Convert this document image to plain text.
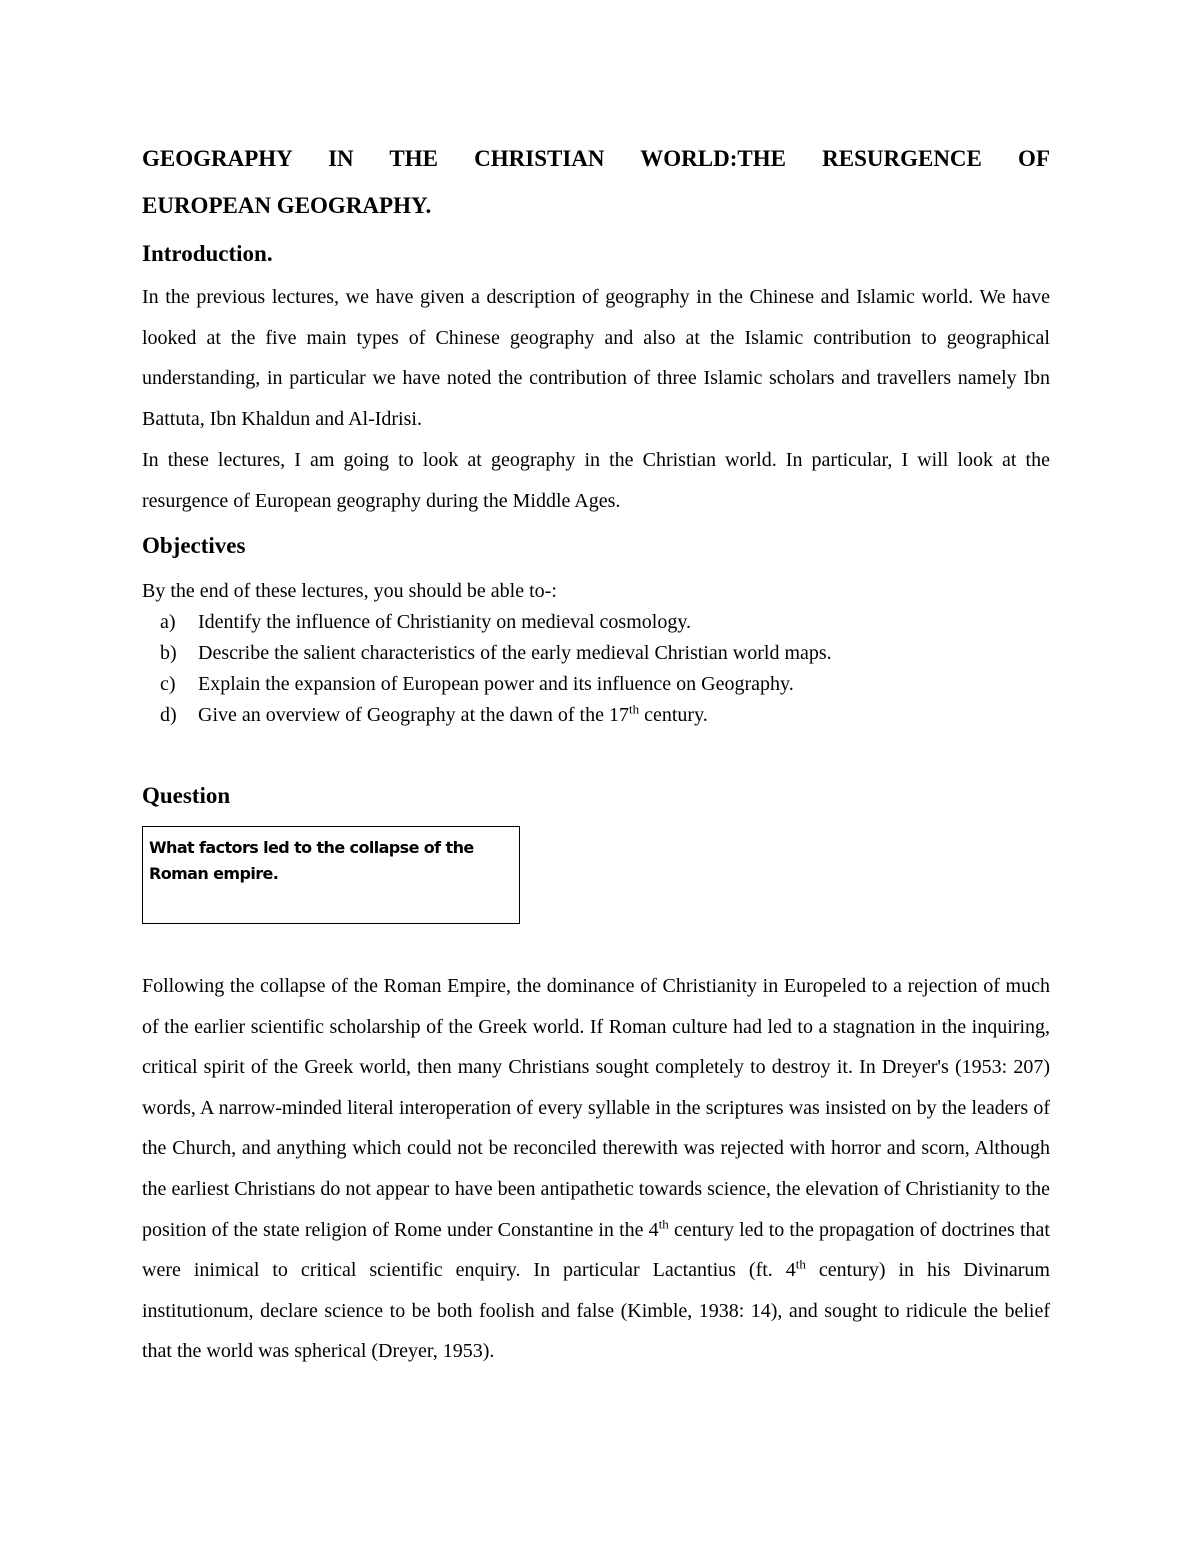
GEOGRAPHY IN THE CHRISTIAN WORLD:THE RESURGENCE OF
EUROPEAN GEOGRAPHY.
Introduction.

In the previous lectures, we have given a description of geography in the Chinese and Islamic world. We have looked at the five main types of Chinese geography and also at the Islamic contribution to geographical understanding, in particular we have noted the contribution of three Islamic scholars and travellers namely Ibn Battuta, Ibn Khaldun and Al-Idrisi.

In these lectures, I am going to look at geography in the Christian world. In particular, I will look at the resurgence of European geography during the Middle Ages.

Objectives
By the end of these lectures, you should be able to-:
a) Identify the influence of Christianity on medieval cosmology.
b) Describe the salient characteristics of the early medieval Christian world maps.
c) Explain the expansion of European power and its influence on Geography.
d) Give an overview of Geography at the dawn of the 17th century.
Question
What factors led to the collapse of the Roman empire.

Following the collapse of the Roman Empire, the dominance of Christianity in Europeled to a rejection of much of the earlier scientific scholarship of the Greek world. If Roman culture had led to a stagnation in the inquiring, critical spirit of the Greek world, then many Christians sought completely to destroy it. In Dreyer's (1953: 207) words, A narrow-minded literal interoperation of every syllable in the scriptures was insisted on by the leaders of the Church, and anything which could not be reconciled therewith was rejected with horror and scorn, Although the earliest Christians do not appear to have been antipathetic towards science, the elevation of Christianity to the position of the state religion of Rome under Constantine in the 4th century led to the propagation of doctrines that were inimical to critical scientific enquiry. In particular Lactantius (ft. 4th century) in his Divinarum institutionum, declare science to be both foolish and false (Kimble, 1938: 14), and sought to ridicule the belief that the world was spherical (Dreyer, 1953).
